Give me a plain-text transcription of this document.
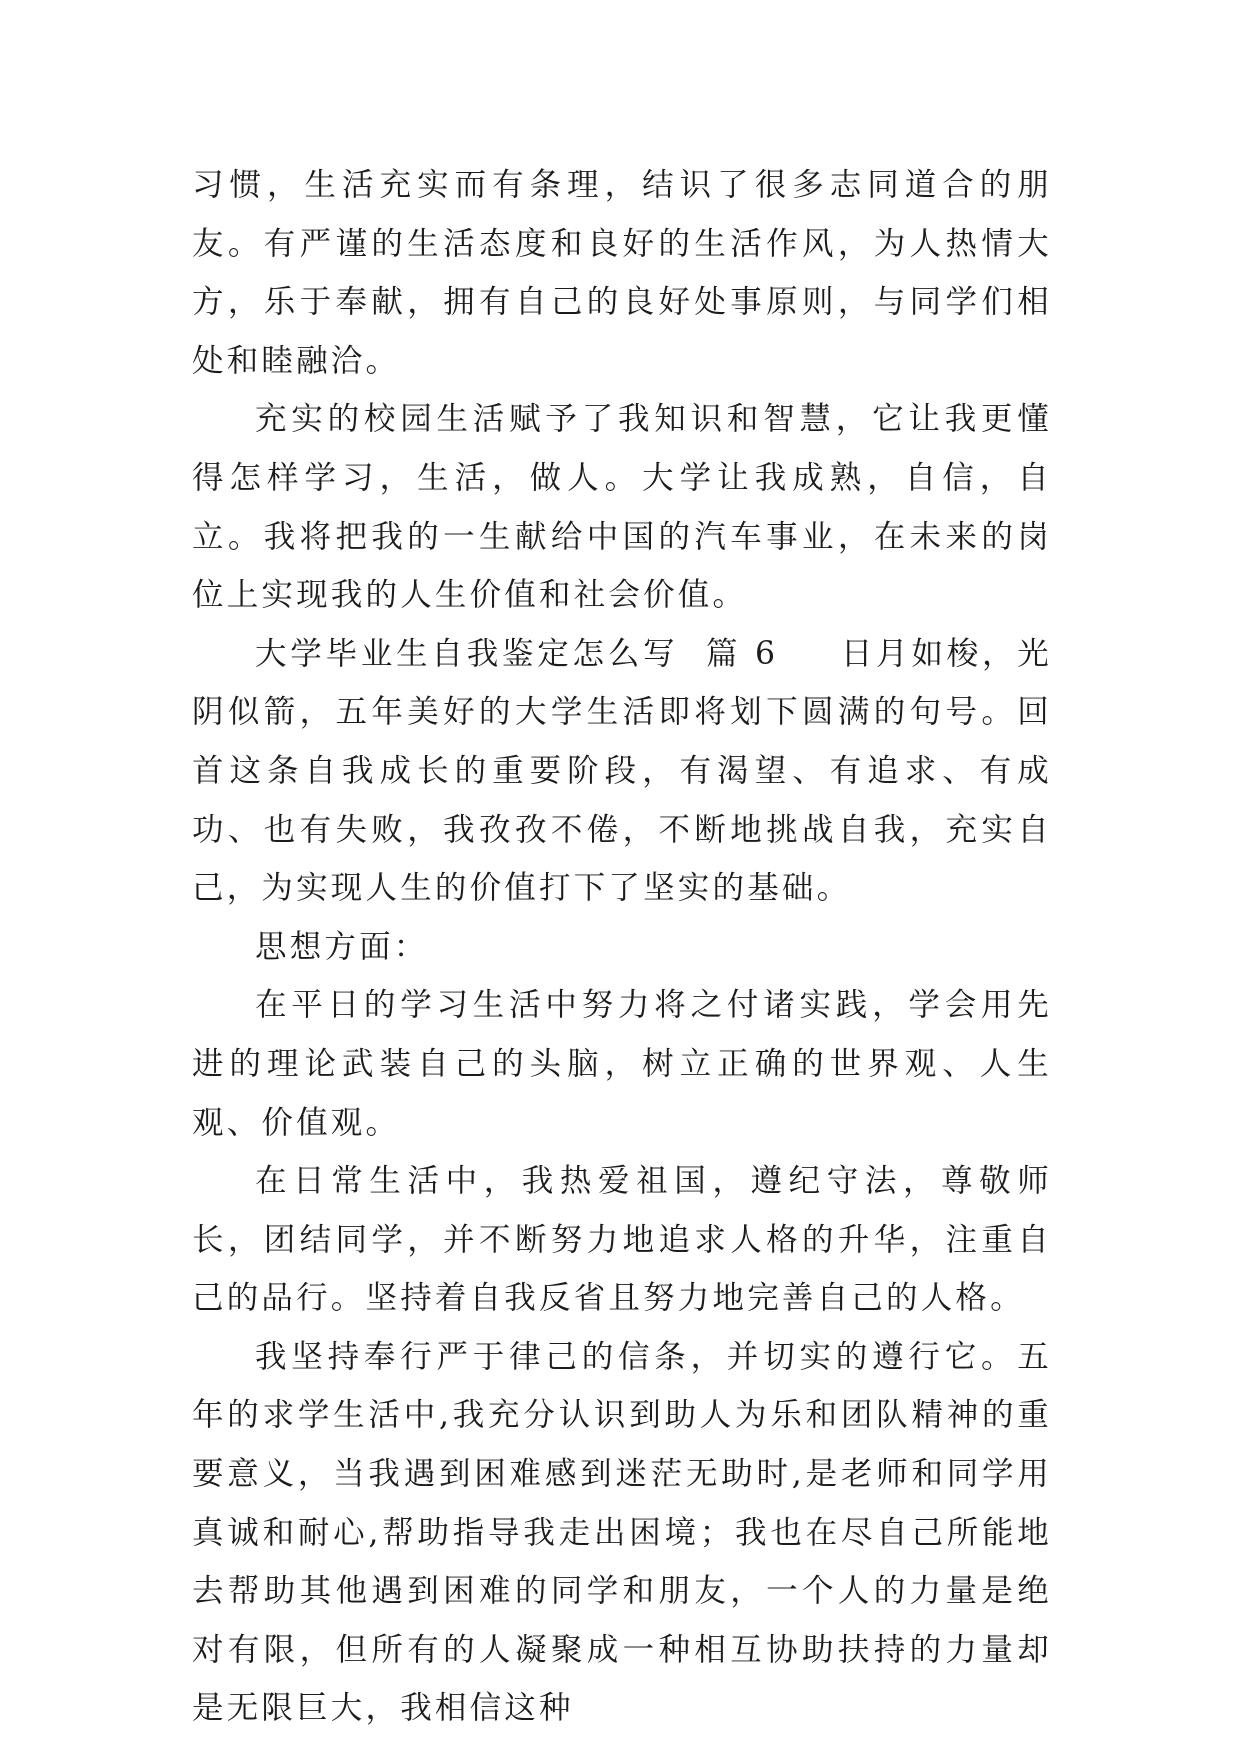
习惯，生活充实而有条理，结识了很多志同道合的朋友。有严谨的生活态度和良好的生活作风，为人热情大方，乐于奉献，拥有自己的良好处事原则，与同学们相处和睦融洽。

充实的校园生活赋予了我知识和智慧，它让我更懂得怎样学习，生活，做人。大学让我成熟，自信，自立。我将把我的一生献给中国的汽车事业，在未来的岗位上实现我的人生价值和社会价值。

大学毕业生自我鉴定怎么写  篇 6 日月如梭，光阴似箭，五年美好的大学生活即将划下圆满的句号。回首这条自我成长的重要阶段，有渴望、有追求、有成功、也有失败，我孜孜不倦，不断地挑战自我，充实自己，为实现人生的价值打下了坚实的基础。

思想方面：

在平日的学习生活中努力将之付诸实践，学会用先进的理论武装自己的头脑，树立正确的世界观、人生观、价值观。

在日常生活中，我热爱祖国，遵纪守法，尊敬师长，团结同学，并不断努力地追求人格的升华，注重自己的品行。坚持着自我反省且努力地完善自己的人格。

我坚持奉行严于律己的信条，并切实的遵行它。五年的求学生活中,我充分认识到助人为乐和团队精神的重要意义，当我遇到困难感到迷茫无助时,是老师和同学用真诚和耐心,帮助指导我走出困境；我也在尽自己所能地去帮助其他遇到困难的同学和朋友，一个人的力量是绝对有限，但所有的人凝聚成一种相互协助扶持的力量却是无限巨大，我相信这种
